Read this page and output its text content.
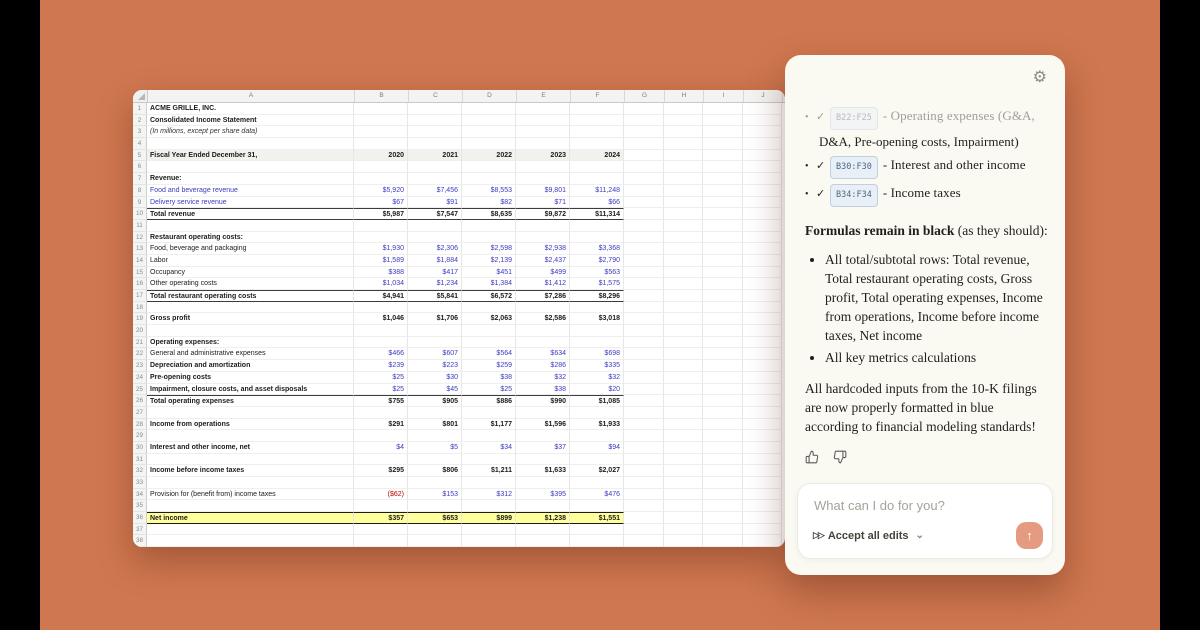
A	B	C	D	E	F	G	H	I	J
1	ACME GRILLE, INC.
2	Consolidated Income Statement
3	(In millions, except per share data)
4
5	Fiscal Year Ended December 31,	2020	2021	2022	2023	2024
6
7	Revenue:
8	Food and beverage revenue	$5,920	$7,456	$8,553	$9,801	$11,248
9	Delivery service revenue	$67	$91	$82	$71	$66
10	Total revenue	$5,987	$7,547	$8,635	$9,872	$11,314
11
12	Restaurant operating costs:
13	Food, beverage and packaging	$1,930	$2,306	$2,598	$2,938	$3,368
14	Labor	$1,589	$1,884	$2,139	$2,437	$2,790
15	Occupancy	$388	$417	$451	$499	$563
16	Other operating costs	$1,034	$1,234	$1,384	$1,412	$1,575
17	Total restaurant operating costs	$4,941	$5,841	$6,572	$7,286	$8,296
18
19	Gross profit	$1,046	$1,706	$2,063	$2,586	$3,018
20
21	Operating expenses:
22	General and administrative expenses	$466	$607	$564	$634	$698
23	Depreciation and amortization	$239	$223	$259	$286	$335
24	Pre-opening costs	$25	$30	$38	$32	$32
25	Impairment, closure costs, and asset disposals	$25	$45	$25	$38	$20
26	Total operating expenses	$755	$905	$886	$990	$1,085
27
28	Income from operations	$291	$801	$1,177	$1,596	$1,933
29
30	Interest and other income, net	$4	$5	$34	$37	$94
31
32	Income before income taxes	$295	$806	$1,211	$1,633	$2,027
33
34	Provision for (benefit from) income taxes	($62)	$153	$312	$395	$476
35
36	Net income	$357	$653	$899	$1,238	$1,551
37
38
⚙
• ✓	B22:F25 - Operating expenses (G&A,
D&A, Pre-opening costs, Impairment)
• ✓	B30:F30 - Interest and other income
• ✓	B34:F34 - Income taxes
Formulas remain in black (as they should):
• All total/subtotal rows: Total revenue, Total restaurant operating costs, Gross profit, Total operating expenses, Income from operations, Income before income taxes, Net income
• All key metrics calculations

All hardcoded inputs from the 10-K filings are now properly formatted in blue according to financial modeling standards!

What can I do for you?
▷▷ Accept all edits ⌄	↑
